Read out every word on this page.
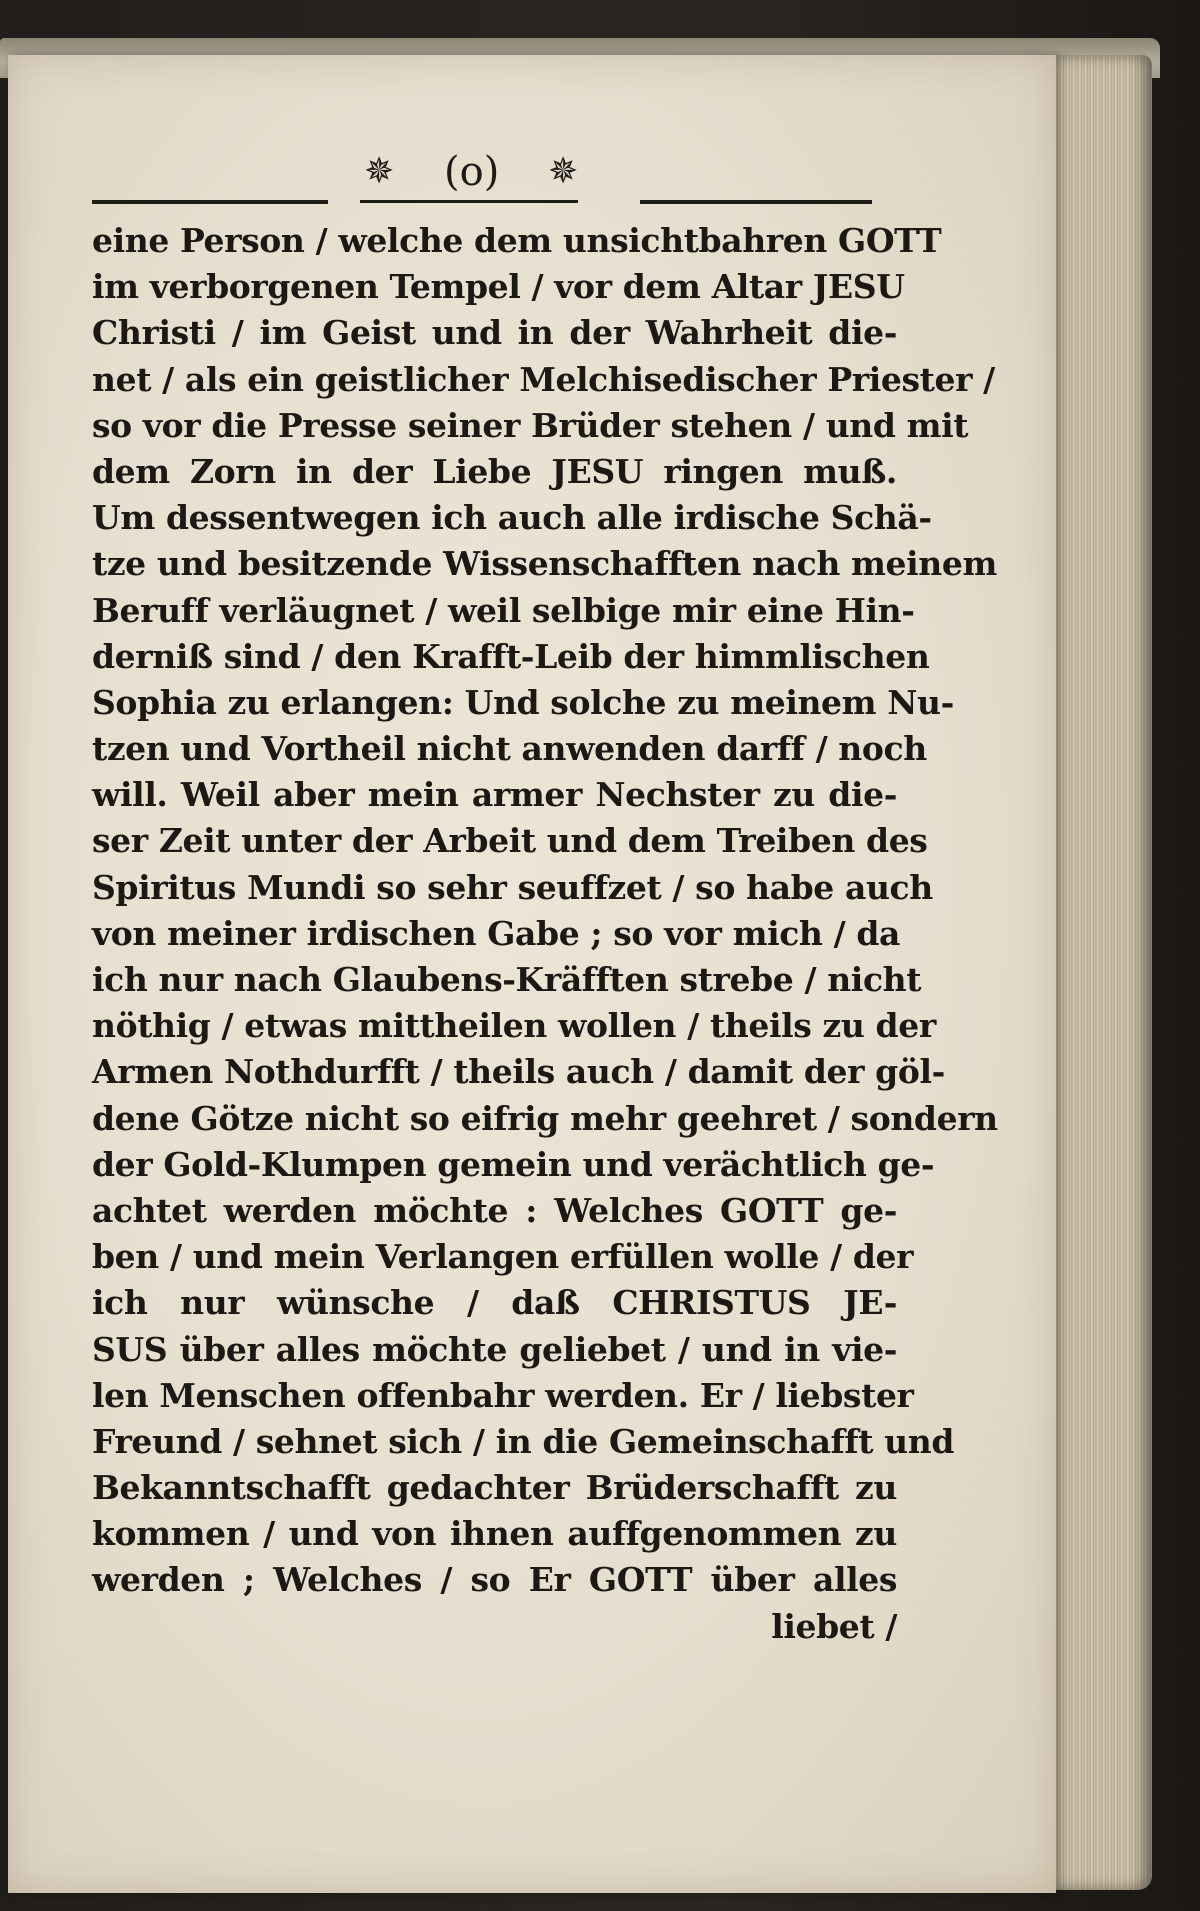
✵ (o) ✵
eine Person / welche dem unsichtbahren GOTT
im verborgenen Tempel / vor dem Altar JESU
Christi / im Geist und in der Wahrheit die-
net / als ein geistlicher Melchisedischer Priester /
so vor die Presse seiner Brüder stehen / und mit
dem Zorn in der Liebe JESU ringen muß.
Um dessentwegen ich auch alle irdische Schä-
tze und besitzende Wissenschafften nach meinem
Beruff verläugnet / weil selbige mir eine Hin-
derniß sind / den Krafft-Leib der himmlischen
Sophia zu erlangen: Und solche zu meinem Nu-
tzen und Vortheil nicht anwenden darff / noch
will. Weil aber mein armer Nechster zu die-
ser Zeit unter der Arbeit und dem Treiben des
Spiritus Mundi so sehr seuffzet / so habe auch
von meiner irdischen Gabe ; so vor mich / da
ich nur nach Glaubens-Kräfften strebe / nicht
nöthig / etwas mittheilen wollen / theils zu der
Armen Nothdurfft / theils auch / damit der göl-
dene Götze nicht so eifrig mehr geehret / sondern
der Gold-Klumpen gemein und verächtlich ge-
achtet werden möchte : Welches GOTT ge-
ben / und mein Verlangen erfüllen wolle / der
ich nur wünsche / daß CHRISTUS JE-
SUS über alles möchte geliebet / und in vie-
len Menschen offenbahr werden. Er / liebster
Freund / sehnet sich / in die Gemeinschafft und
Bekanntschafft gedachter Brüderschafft zu
kommen / und von ihnen auffgenommen zu
werden ; Welches / so Er GOTT über alles
liebet /
